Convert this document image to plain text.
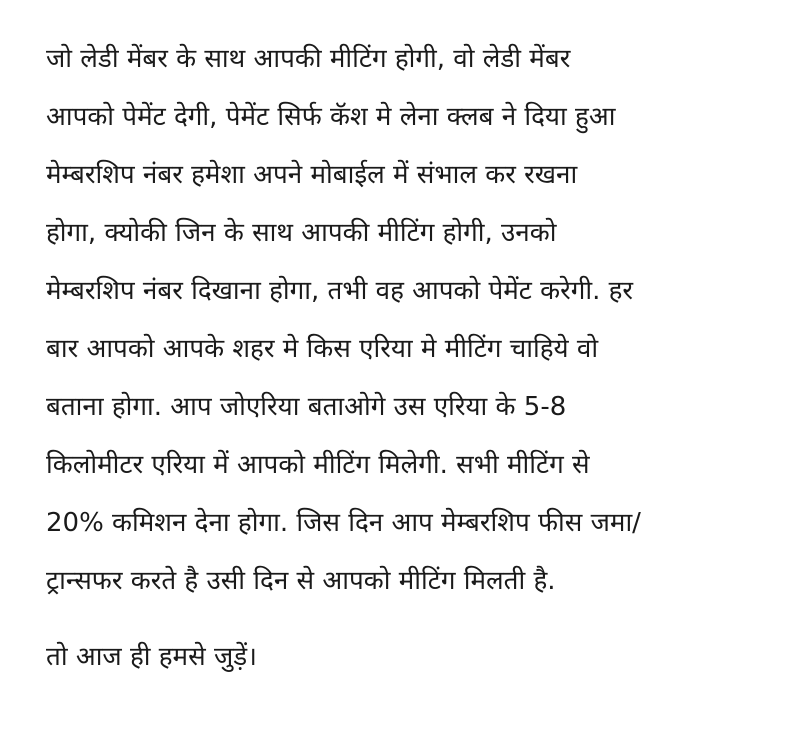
जो लेडी मेंबर के साथ आपकी मीटिंग होगी, वो लेडी मेंबर
आपको पेमेंट देगी, पेमेंट सिर्फ कॅश मे लेना क्लब ने दिया हुआ
मेम्बरशिप नंबर हमेशा अपने मोबाईल में संभाल कर रखना
होगा, क्योकी जिन के साथ आपकी मीटिंग होगी, उनको
मेम्बरशिप नंबर दिखाना होगा, तभी वह आपको पेमेंट करेगी. हर
बार आपको आपके शहर मे किस एरिया मे मीटिंग चाहिये वो
बताना होगा. आप जोएरिया बताओगे उस एरिया के 5-8
किलोमीटर एरिया में आपको मीटिंग मिलेगी. सभी मीटिंग से
20% कमिशन देना होगा. जिस दिन आप मेम्बरशिप फीस जमा/
ट्रान्सफर करते है उसी दिन से आपको मीटिंग मिलती है.
तो आज ही हमसे जुड़ें।
